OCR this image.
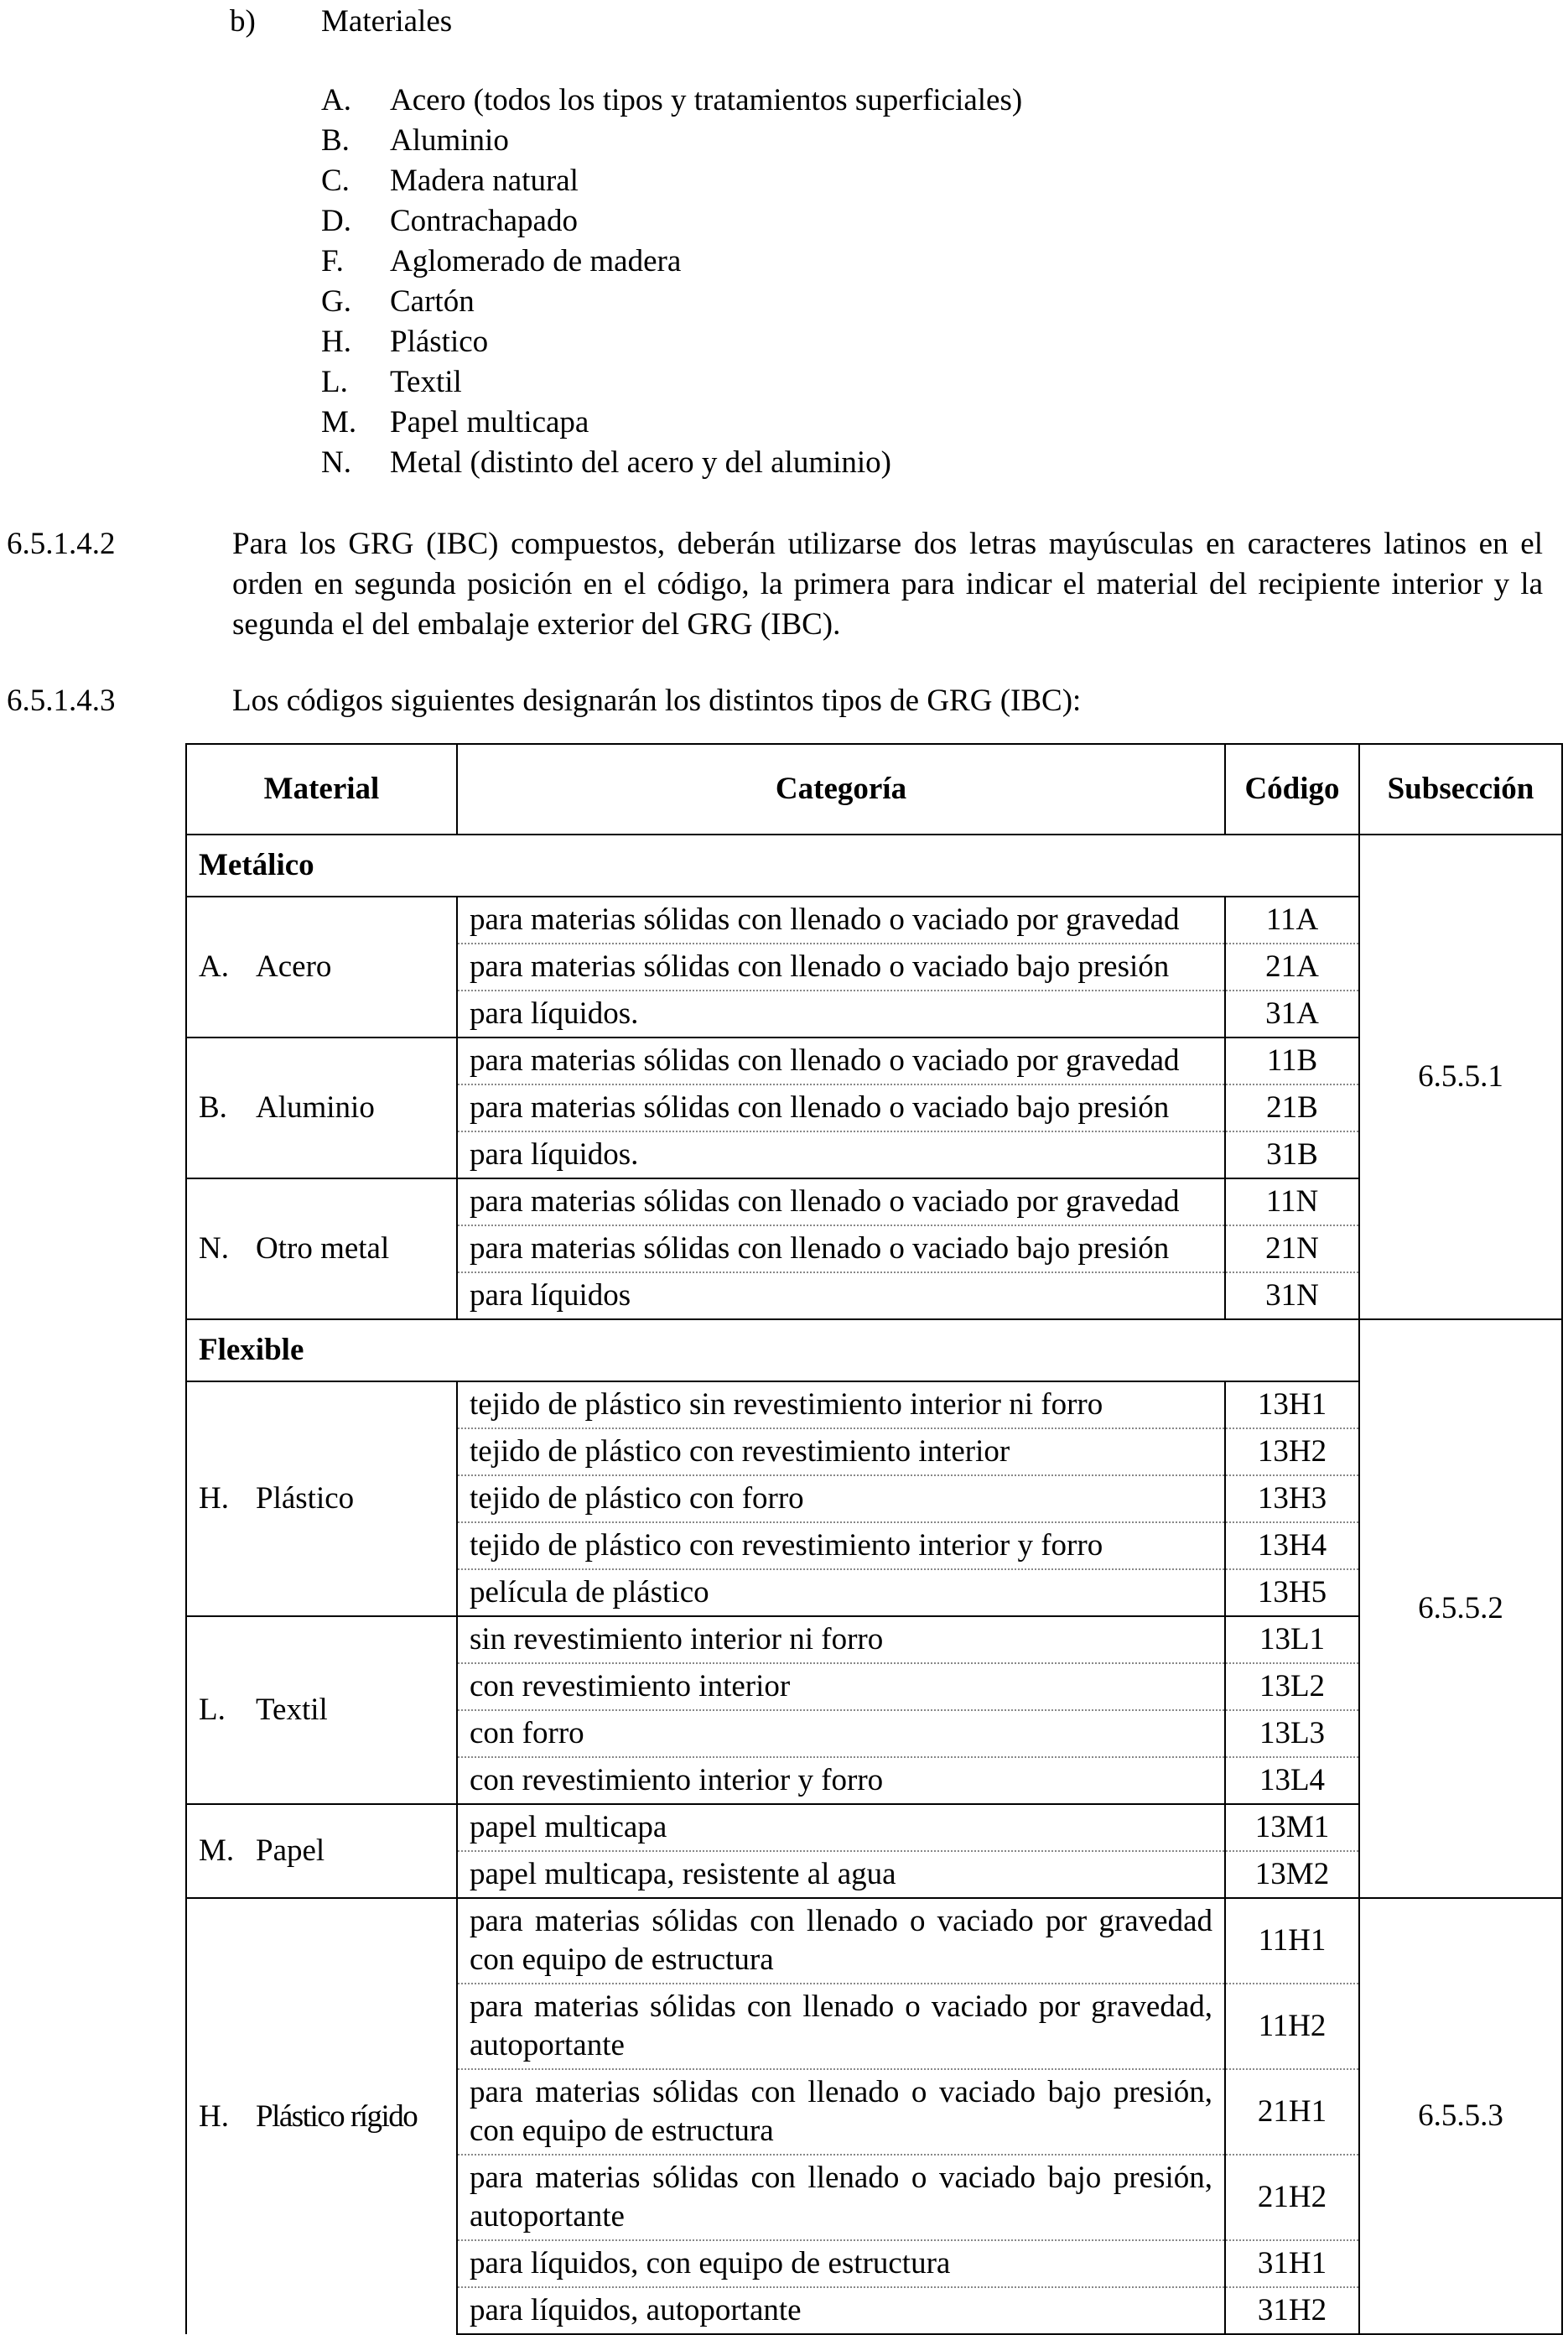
b) Materiales
A. Acero (todos los tipos y tratamientos superficiales)
B. Aluminio
C. Madera natural
D. Contrachapado
F. Aglomerado de madera
G. Cartón
H. Plástico
L. Textil
M. Papel multicapa
N. Metal (distinto del acero y del aluminio)
6.5.1.4.2	Para los GRG (IBC) compuestos, deberán utilizarse dos letras mayúsculas en caracteres latinos en el orden en segunda posición en el código, la primera para indicar el material del recipiente interior y la segunda el del embalaje exterior del GRG (IBC).
6.5.1.4.3	Los códigos siguientes designarán los distintos tipos de GRG (IBC):
Material	Categoría	Código	Subsección
Metálico			6.5.5.1
A. Acero	para materias sólidas con llenado o vaciado por gravedad	11A	
	para materias sólidas con llenado o vaciado bajo presión	21A	
	para líquidos.	31A	
B. Aluminio	para materias sólidas con llenado o vaciado por gravedad	11B	
	para materias sólidas con llenado o vaciado bajo presión	21B	
	para líquidos.	31B	
N. Otro metal	para materias sólidas con llenado o vaciado por gravedad	11N	
	para materias sólidas con llenado o vaciado bajo presión	21N	
	para líquidos	31N	
Flexible			6.5.5.2
H. Plástico	tejido de plástico sin revestimiento interior ni forro	13H1	
	tejido de plástico con revestimiento interior	13H2	
	tejido de plástico con forro	13H3	
	tejido de plástico con revestimiento interior y forro	13H4	
	película de plástico	13H5	
L. Textil	sin revestimiento interior ni forro	13L1	
	con revestimiento interior	13L2	
	con forro	13L3	
	con revestimiento interior y forro	13L4	
M. Papel	papel multicapa	13M1	
	papel multicapa, resistente al agua	13M2	
H. Plástico rígido	para materias sólidas con llenado o vaciado por gravedad con equipo de estructura	11H1	6.5.5.3
	para materias sólidas con llenado o vaciado por gravedad, autoportante	11H2	
	para materias sólidas con llenado o vaciado bajo presión, con equipo de estructura	21H1	
	para materias sólidas con llenado o vaciado bajo presión, autoportante	21H2	
	para líquidos, con equipo de estructura	31H1	
	para líquidos, autoportante	31H2	
